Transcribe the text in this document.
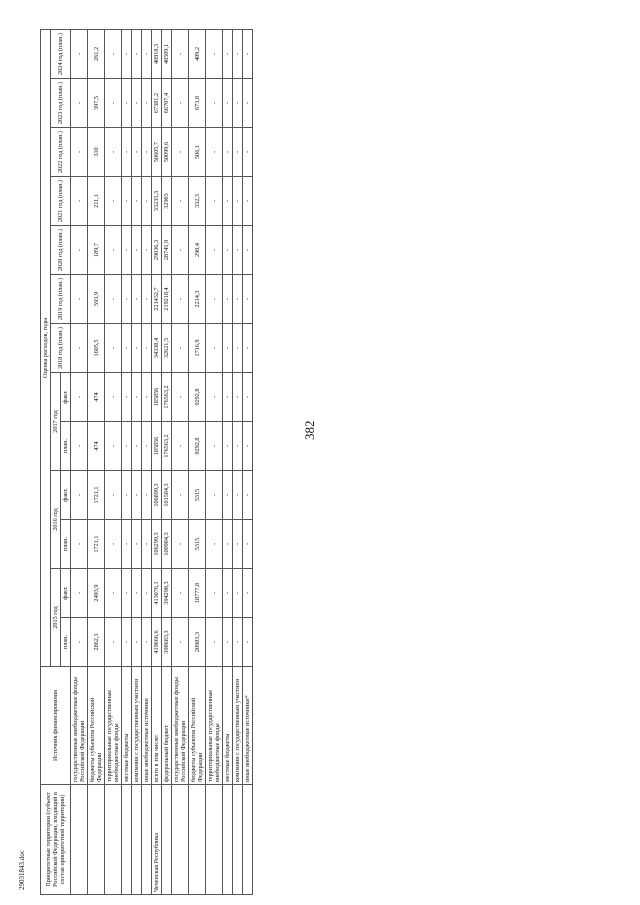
382
29031843.doc	Приоритетные территории (субъект Российской Федерации, входящий в состав приоритетной территории)	Источник финансирования	Оценка расходов, годы												
		2015 год		2016 год		2017 год		2018 год (план.)	2019 год (план.)	2020 год (план.)	2021 год (план.)	2022 год (план.)	2023 год (план.)	2024 год (план.)
		план.	факт.	план.	факт.	план.	факт.							
	государственные внебюджетные фонды Российской Федерации	-	-	-	-	-	-	-	-	-	-	-	-	-
	бюджеты субъектов Российской Федерации	2862,3	2493,9	1721,1	1721,1	474	474	1605,5	593,9	189,7	211,1	310	397,5	261,2
	территориальные государственные внебюджетные фонды	-	-	-	-	-	-	-	-	-	-	-	-	-
	местные бюджеты	-	-	-	-	-	-	-	-	-	-	-	-	-
	компании с государственным участием	-	-	-	-	-	-	-	-	-	-	-	-	-
	иные внебюджетные источники	-	-	-	-	-	-	-	-	-	-	-	-	-
Чеченская Республика	всего в том числе:	419666,6	413076,1	106299,3	106899,3	185856	185856	34338,4	221432,7	29036,3	33235,3	50605,7	67381,2	40918,3
	федеральный бюджет	398683,3	394298,3	100984,3	101584,3	176563,2	176563,2	32621,5	219218,4	28745,9	32903	50099,6	66707,4	40509,1
	государственные внебюджетные фонды Российской Федерации	-	-	-	-	-	-	-	-	-	-	-	-	-
	бюджеты субъектов Российской Федерации	20983,3	18777,8	5315	5315	9292,8	9292,8	1716,9	2214,3	290,4	332,3	506,1	673,8	409,2
	территориальные государственные внебюджетные фонды	-	-	-	-	-	-	-	-	-	-	-	-	-
	местные бюджеты	-	-	-	-	-	-	-	-	-	-	-	-	-
	компании с государственным участием	-	-	-	-	-	-	-	-	-	-	-	-	-
	иные внебюджетные источники*	-	-	-	-	-	-	-	-	-	-	-	-	-
